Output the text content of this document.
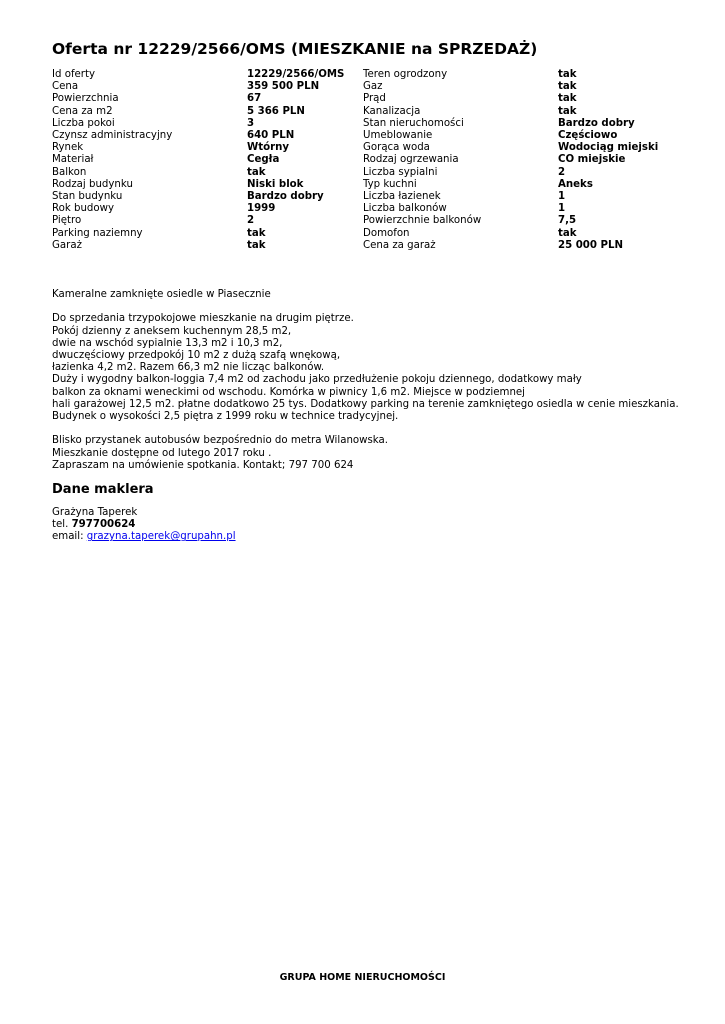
Oferta nr 12229/2566/OMS (MIESZKANIE na SPRZEDAŻ)
Id oferty	12229/2566/OMS	Teren ogrodzony	tak
Cena	359 500 PLN	Gaz	tak
Powierzchnia	67	Prąd	tak
Cena za m2	5 366 PLN	Kanalizacja	tak
Liczba pokoi	3	Stan nieruchomości	Bardzo dobry
Czynsz administracyjny	640 PLN	Umeblowanie	Częściowo
Rynek	Wtórny	Gorąca woda	Wodociąg miejski
Materiał	Cegła	Rodzaj ogrzewania	CO miejskie
Balkon	tak	Liczba sypialni	2
Rodzaj budynku	Niski blok	Typ kuchni	Aneks
Stan budynku	Bardzo dobry	Liczba łazienek	1
Rok budowy	1999	Liczba balkonów	1
Piętro	2	Powierzchnie balkonów	7,5
Parking naziemny	tak	Domofon	tak
Garaż	tak	Cena za garaż	25 000 PLN

Kameralne zamknięte osiedle w Piasecznie

Do sprzedania trzypokojowe mieszkanie na drugim piętrze.
Pokój dzienny z aneksem kuchennym 28,5 m2,
dwie na wschód sypialnie 13,3 m2 i 10,3 m2,
dwuczęściowy przedpokój 10 m2 z dużą szafą wnękową,
łazienka 4,2 m2. Razem 66,3 m2 nie licząc balkonów.
Duży i wygodny balkon-loggia 7,4 m2 od zachodu jako przedłużenie pokoju dziennego, dodatkowy mały
balkon za oknami weneckimi od wschodu. Komórka w piwnicy 1,6 m2. Miejsce w podziemnej
hali garażowej 12,5 m2. płatne dodatkowo 25 tys. Dodatkowy parking na terenie zamkniętego osiedla w cenie mieszkania.
Budynek o wysokości 2,5 piętra z 1999 roku w technice tradycyjnej.

Blisko przystanek autobusów bezpośrednio do metra Wilanowska.
Mieszkanie dostępne od lutego 2017 roku .
Zapraszam na umówienie spotkania. Kontakt; 797 700 624

Dane maklera
Grażyna Taperek
tel. 797700624
email: grazyna.taperek@grupahn.pl
GRUPA HOME NIERUCHOMOŚCI
